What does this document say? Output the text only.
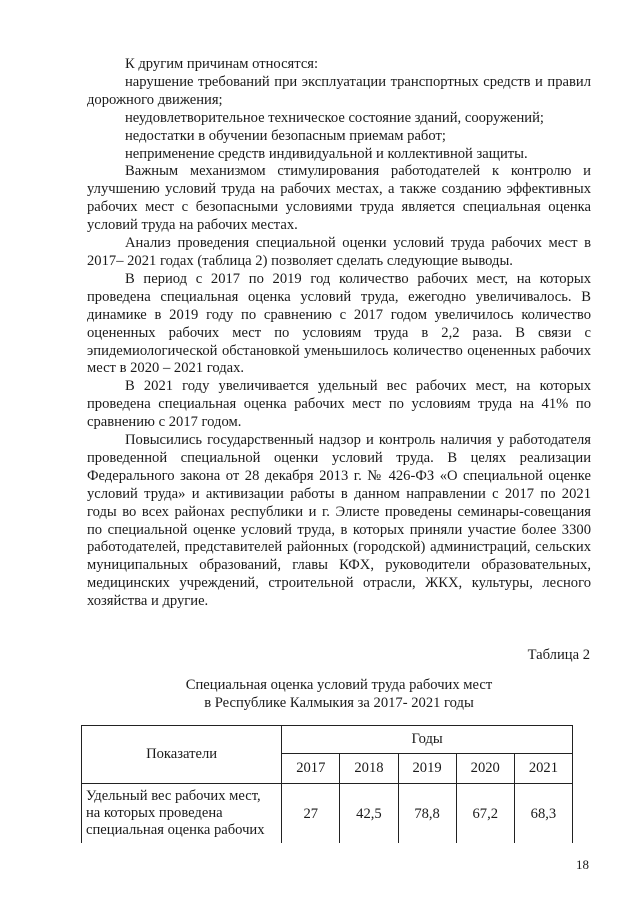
К другим причинам относятся:

нарушение требований при эксплуатации транспортных средств и правил дорожного движения;

неудовлетворительное техническое состояние зданий, сооружений;

недостатки в обучении безопасным приемам работ;

неприменение средств индивидуальной и коллективной защиты.

Важным механизмом стимулирования работодателей к контролю и улучшению условий труда на рабочих местах, а также созданию эффективных рабочих мест с безопасными условиями труда является специальная оценка условий труда на рабочих местах.

Анализ проведения специальной оценки условий труда рабочих мест в 2017– 2021 годах (таблица 2) позволяет сделать следующие выводы.

В период с 2017 по 2019 год количество рабочих мест, на которых проведена специальная оценка условий труда, ежегодно увеличивалось. В динамике в 2019 году по сравнению с 2017 годом увеличилось количество оцененных рабочих мест по условиям труда в 2,2 раза. В связи с эпидемиологической обстановкой уменьшилось количество оцененных рабочих мест в 2020 – 2021 годах.

В 2021 году увеличивается удельный вес рабочих мест, на которых проведена специальная оценка рабочих мест по условиям труда на 41% по сравнению с 2017 годом.

Повысились государственный надзор и контроль наличия у работодателя проведенной специальной оценки условий труда. В целях реализации Федерального закона от 28 декабря 2013 г. № 426-ФЗ «О специальной оценке условий труда» и активизации работы в данном направлении с 2017 по 2021 годы во всех районах республики и г. Элисте проведены семинары-совещания по специальной оценке условий труда, в которых приняли участие более 3300 работодателей, представителей районных (городской) администраций, сельских муниципальных образований, главы КФХ, руководители образовательных, медицинских учреждений, строительной отрасли, ЖКХ, культуры, лесного хозяйства и другие.

Таблица 2
Специальная оценка условий труда рабочих мест
в Республике Калмыкия за 2017- 2021 годы
Показатели	Годы				
	2017	2018	2019	2020	2021
Удельный вес рабочих мест, на которых проведена специальная оценка рабочих	27	42,5	78,8	67,2	68,3
18
